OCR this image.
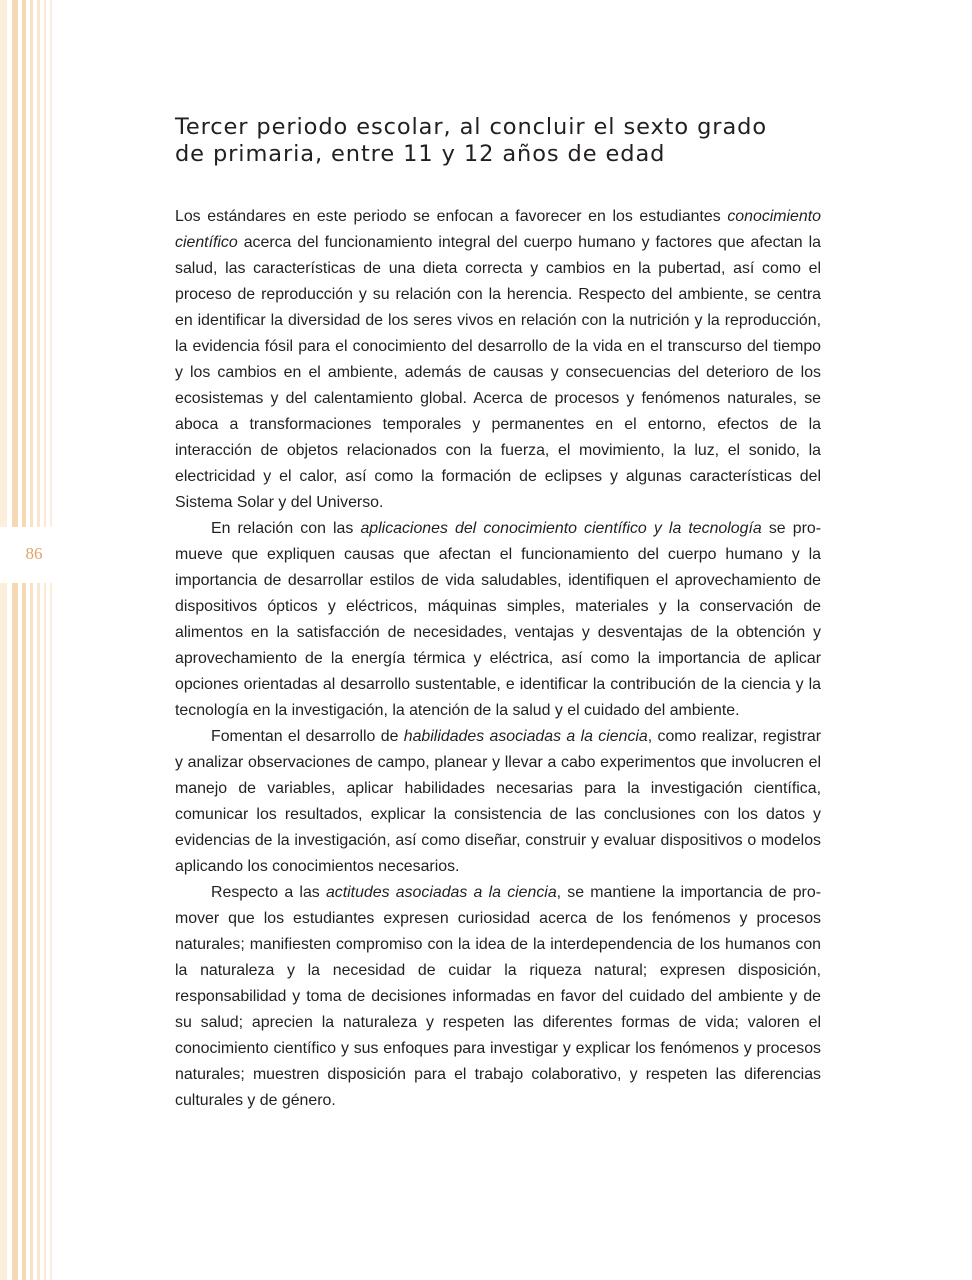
86
Tercer periodo escolar, al concluir el sexto grado
de primaria, entre 11 y 12 años de edad

Los estándares en este periodo se enfocan a favorecer en los estudiantes conocimiento científico acerca del funcionamiento integral del cuerpo humano y factores que afectan la salud, las características de una dieta correcta y cambios en la pubertad, así como el proceso de reproducción y su relación con la herencia. Respecto del ambiente, se centra en identificar la diversidad de los seres vivos en relación con la nutrición y la reproducción, la evidencia fósil para el conocimiento del desarrollo de la vida en el transcurso del tiempo y los cambios en el ambiente, además de causas y consecuencias del deterioro de los ecosistemas y del calentamiento global. Acerca de procesos y fenómenos naturales, se aboca a transformaciones temporales y permanentes en el entorno, efectos de la interacción de objetos relacionados con la fuerza, el movimiento, la luz, el sonido, la electricidad y el calor, así como la formación de eclipses y algunas características del Sistema Solar y del Universo.

En relación con las aplicaciones del conocimiento científico y la tecnología se promueve que expliquen causas que afectan el funcionamiento del cuerpo humano y la importancia de desarrollar estilos de vida saludables, identifiquen el aprovechamiento de dispositivos ópticos y eléctricos, máquinas simples, materiales y la conservación de alimentos en la satisfacción de necesidades, ventajas y desventajas de la obtención y aprovechamiento de la energía térmica y eléctrica, así como la importancia de aplicar opciones orientadas al desarrollo sustentable, e identificar la contribución de la ciencia y la tecnología en la investigación, la atención de la salud y el cuidado del ambiente.

Fomentan el desarrollo de habilidades asociadas a la ciencia, como realizar, registrar y analizar observaciones de campo, planear y llevar a cabo experimentos que involucren el manejo de variables, aplicar habilidades necesarias para la investigación científica, comunicar los resultados, explicar la consistencia de las conclusiones con los datos y evidencias de la investigación, así como diseñar, construir y evaluar dispositivos o modelos aplicando los conocimientos necesarios.

Respecto a las actitudes asociadas a la ciencia, se mantiene la importancia de promover que los estudiantes expresen curiosidad acerca de los fenómenos y procesos naturales; manifiesten compromiso con la idea de la interdependencia de los humanos con la naturaleza y la necesidad de cuidar la riqueza natural; expresen disposición, responsabilidad y toma de decisiones informadas en favor del cuidado del ambiente y de su salud; aprecien la naturaleza y respeten las diferentes formas de vida; valoren el conocimiento científico y sus enfoques para investigar y explicar los fenómenos y procesos naturales; muestren disposición para el trabajo colaborativo, y respeten las diferencias culturales y de género.
